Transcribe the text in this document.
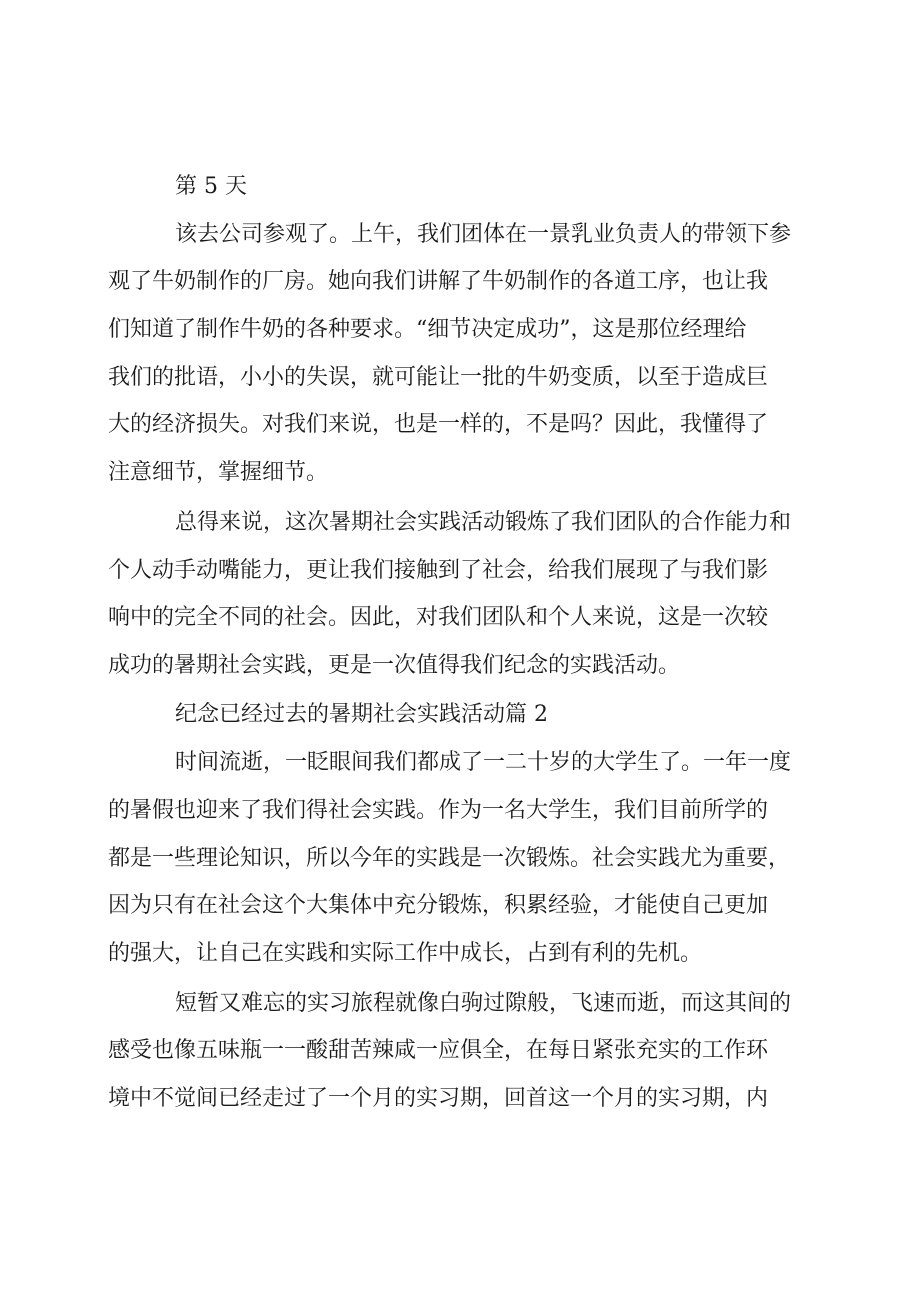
第 5 天
该去公司参观了。上午，我们团体在一景乳业负责人的带领下参
观了牛奶制作的厂房。她向我们讲解了牛奶制作的各道工序，也让我
们知道了制作牛奶的各种要求。“细节决定成功”，这是那位经理给
我们的批语，小小的失误，就可能让一批的牛奶变质，以至于造成巨
大的经济损失。对我们来说，也是一样的，不是吗？因此，我懂得了
注意细节，掌握细节。
总得来说，这次暑期社会实践活动锻炼了我们团队的合作能力和
个人动手动嘴能力，更让我们接触到了社会，给我们展现了与我们影
响中的完全不同的社会。因此，对我们团队和个人来说，这是一次较
成功的暑期社会实践，更是一次值得我们纪念的实践活动。
纪念已经过去的暑期社会实践活动篇 2
时间流逝，一眨眼间我们都成了一二十岁的大学生了。一年一度
的暑假也迎来了我们得社会实践。作为一名大学生，我们目前所学的
都是一些理论知识，所以今年的实践是一次锻炼。社会实践尤为重要，
因为只有在社会这个大集体中充分锻炼，积累经验，才能使自己更加
的强大，让自己在实践和实际工作中成长，占到有利的先机。
短暂又难忘的实习旅程就像白驹过隙般，飞速而逝，而这其间的
感受也像五味瓶一一酸甜苦辣咸一应俱全，在每日紧张充实的工作环
境中不觉间已经走过了一个月的实习期，回首这一个月的实习期，内
